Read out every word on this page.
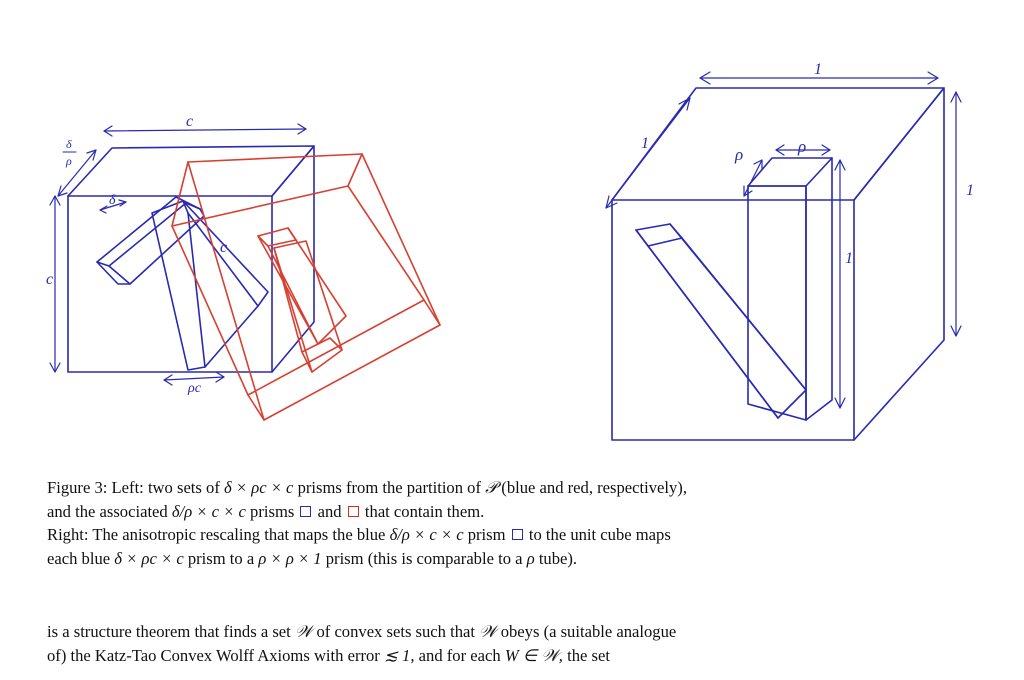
c
δ
ρ
δ
c
c
ρc
1
1
1
1
ρ	ρ
Figure 3: Left: two sets of δ × ρc × c prisms from the partition of 𝒫 (blue and red, respectively),
and the associated δ/ρ × c × c prisms and that contain them.
Right: The anisotropic rescaling that maps the blue δ/ρ × c × c prism to the unit cube maps
each blue δ × ρc × c prism to a ρ × ρ × 1 prism (this is comparable to a ρ tube).
is a structure theorem that finds a set 𝒲 of convex sets such that 𝒲 obeys (a suitable analogue
of) the Katz-Tao Convex Wolff Axioms with error ≲ 1, and for each W ∈ 𝒲, the set
